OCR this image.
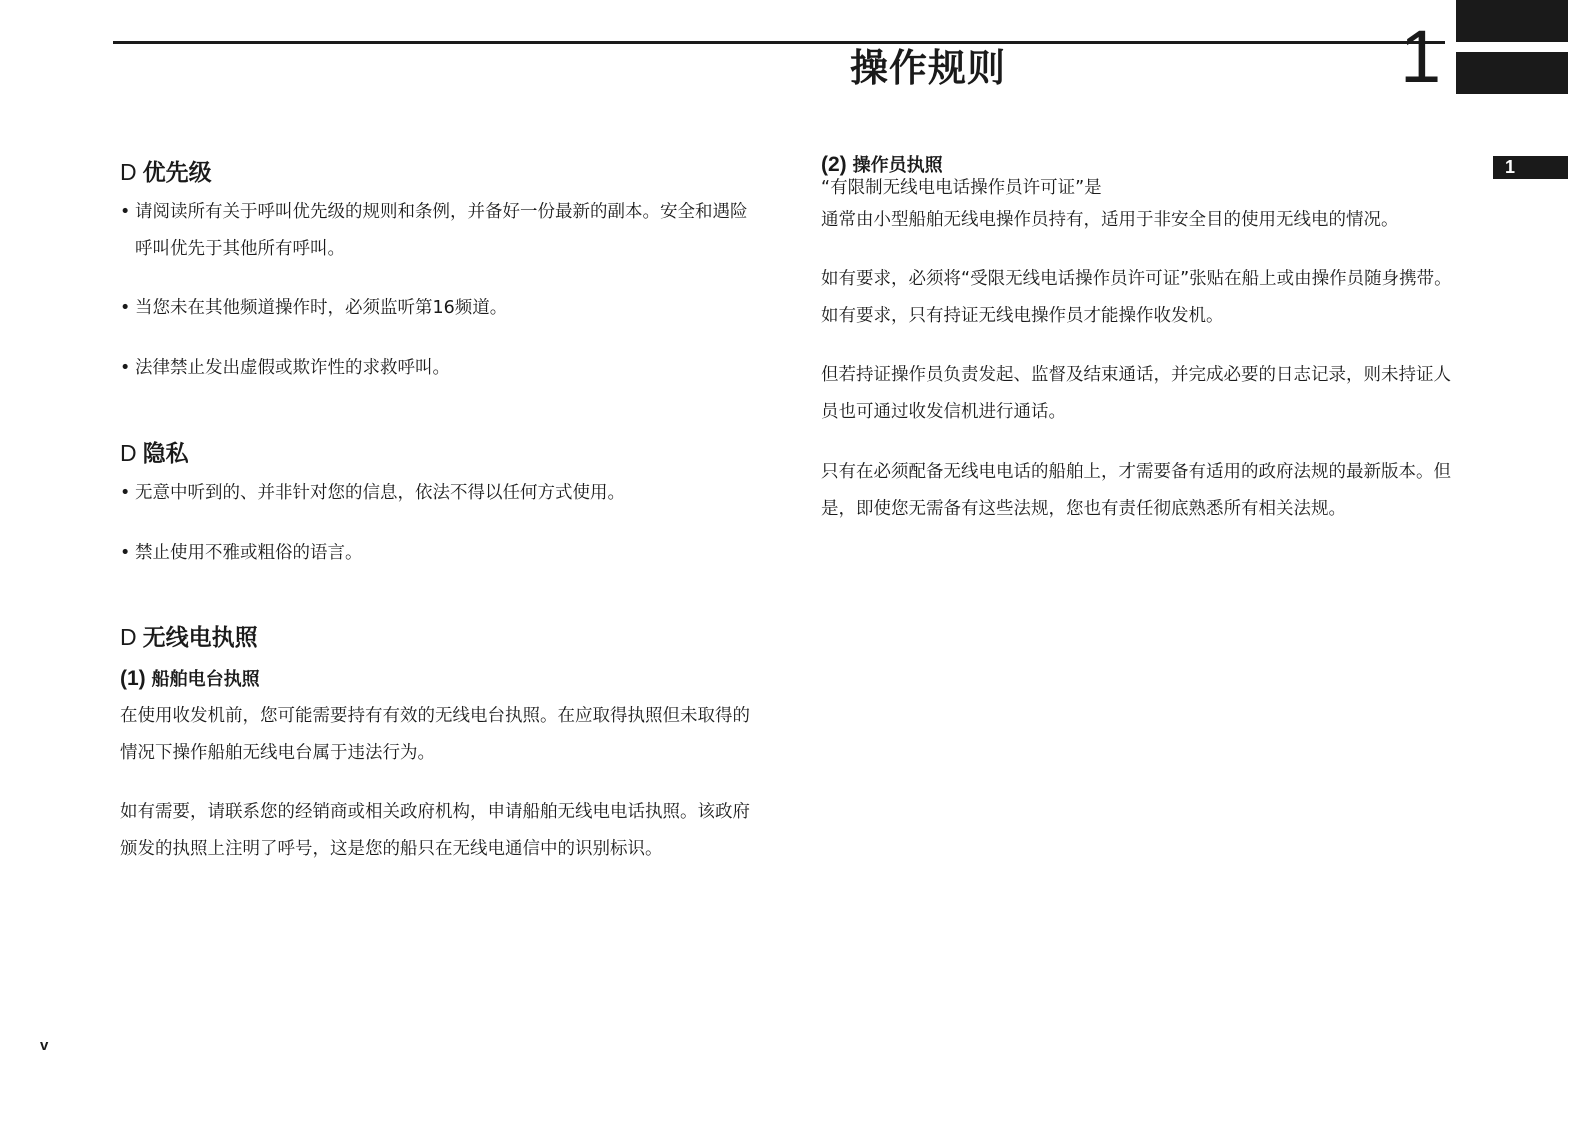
操作规则	1
1
D 优先级
• 请阅读所有关于呼叫优先级的规则和条例，并备好一份最新的副本。安全和遇险呼叫优先于其他所有呼叫。
• 当您未在其他频道操作时，必须监听第16频道。
• 法律禁止发出虚假或欺诈性的求救呼叫。
D 隐私
• 无意中听到的、并非针对您的信息，依法不得以任何方式使用。
• 禁止使用不雅或粗俗的语言。
D 无线电执照
(1) 船舶电台执照
在使用收发机前，您可能需要持有有效的无线电台执照。在应取得执照但未取得的情况下操作船舶无线电台属于违法行为。
如有需要，请联系您的经销商或相关政府机构，申请船舶无线电电话执照。该政府颁发的执照上注明了呼号，这是您的船只在无线电通信中的识别标识。
(2) 操作员执照
“有限制无线电电话操作员许可证”是
通常由小型船舶无线电操作员持有，适用于非安全目的使用无线电的情况。
如有要求，必须将“受限无线电话操作员许可证”张贴在船上或由操作员随身携带。如有要求，只有持证无线电操作员才能操作收发机。
但若持证操作员负责发起、监督及结束通话，并完成必要的日志记录，则未持证人员也可通过收发信机进行通话。
只有在必须配备无线电电话的船舶上，才需要备有适用的政府法规的最新版本。但是，即使您无需备有这些法规，您也有责任彻底熟悉所有相关法规。
v
